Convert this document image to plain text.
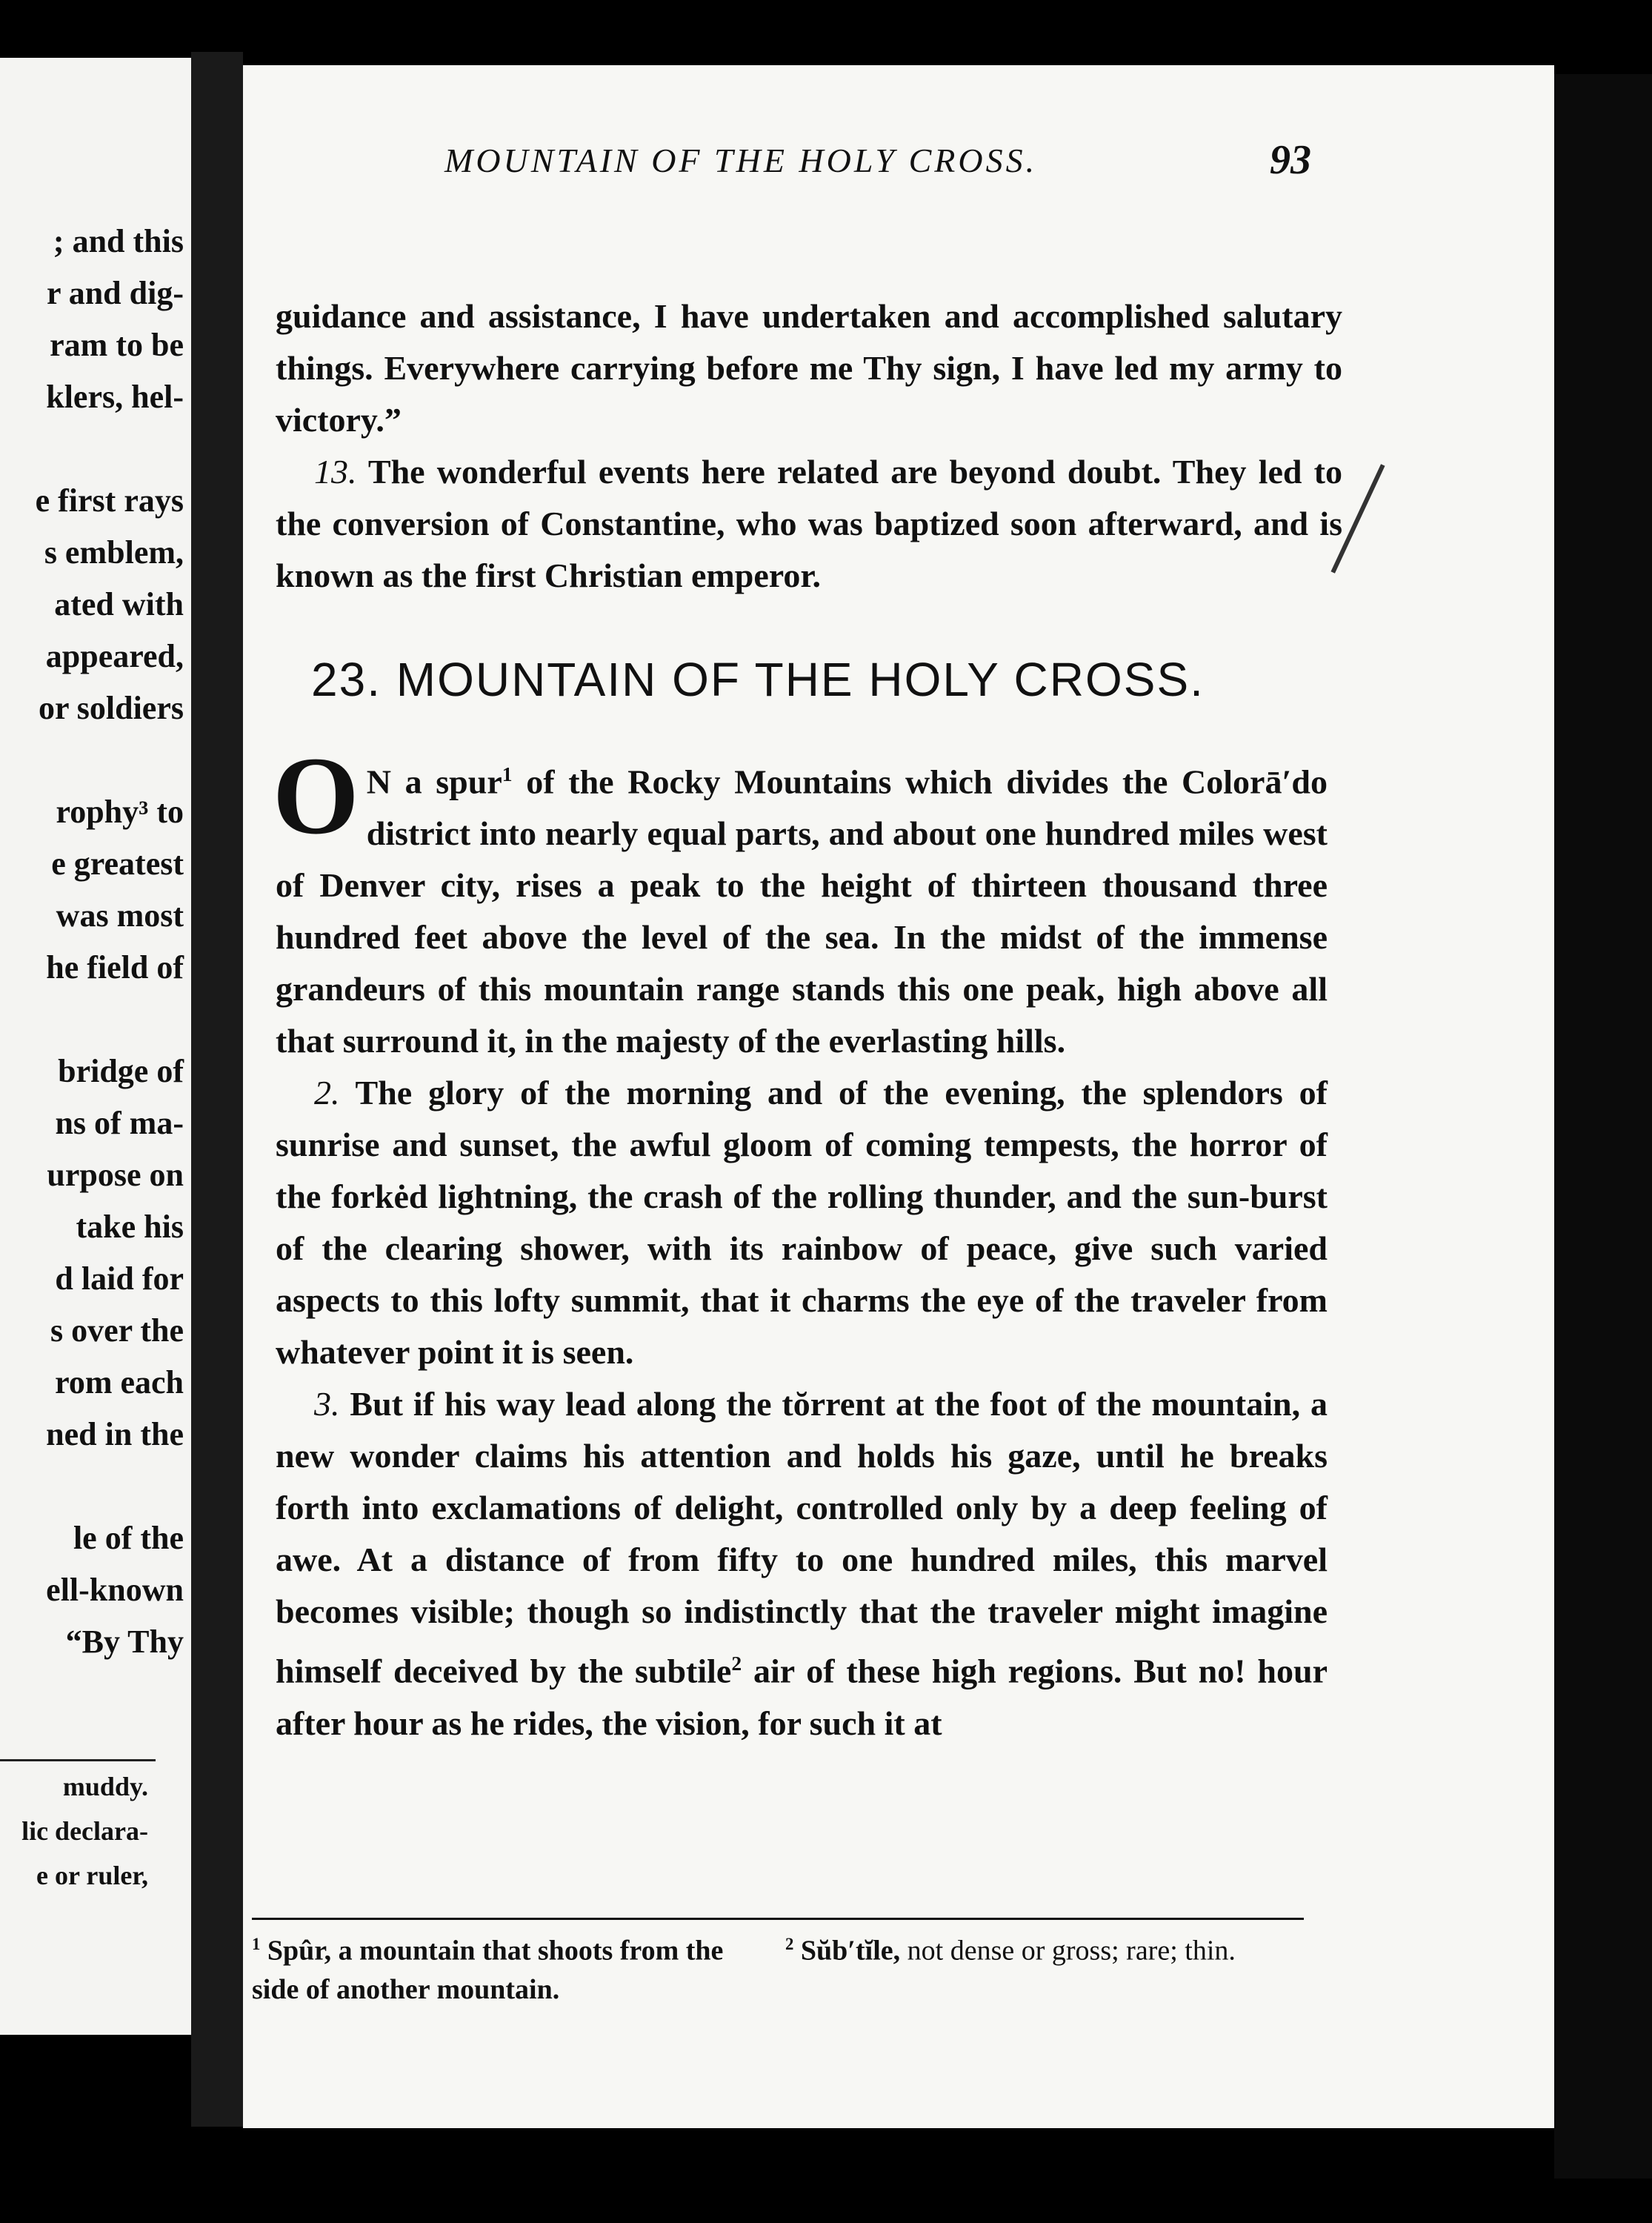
; and this
r and dig-
ram to be
klers, hel-
e first rays
s emblem,
ated with
appeared,
or soldiers
rophy³ to
e greatest
was most
he field of
bridge of
ns of ma-
urpose on
take his
d laid for
s over the
rom each
ned in the
le of the
ell-known
“By Thy
muddy.
lic declara-
e or ruler,
MOUNTAIN OF THE HOLY CROSS.	93

guidance and assistance, I have undertaken and accomplished salutary things. Everywhere carrying before me Thy sign, I have led my army to victory.”

13. The wonderful events here related are beyond doubt. They led to the conversion of Constantine, who was baptized soon afterward, and is known as the first Christian emperor.

23. MOUNTAIN OF THE HOLY CROSS.

O N a spur$^1$ of the Rocky Mountains which divides the Colorā′do district into nearly equal parts, and about one hundred miles west of Denver city, rises a peak to the height of thirteen thousand three hundred feet above the level of the sea. In the midst of the immense grandeurs of this mountain range stands this one peak, high above all that surround it, in the majesty of the everlasting hills.

2. The glory of the morning and of the evening, the splendors of sunrise and sunset, the awful gloom of coming tempests, the horror of the forkėd lightning, the crash of the rolling thunder, and the sun-burst of the clearing shower, with its rainbow of peace, give such varied aspects to this lofty summit, that it charms the eye of the traveler from whatever point it is seen.

3. But if his way lead along the tŏrrent at the foot of the mountain, a new wonder claims his attention and holds his gaze, until he breaks forth into exclamations of delight, controlled only by a deep feeling of awe. At a distance of from fifty to one hundred miles, this marvel becomes visible; though so indistinctly that the traveler might imagine himself deceived by the subtile$^2$ air of these high regions. But no! hour after hour as he rides, the vision, for such it at

$^1$ Spûr, a mountain that shoots from the side of another mountain.
$^2$ Sŭb′tĭle, not dense or gross; rare; thin.
